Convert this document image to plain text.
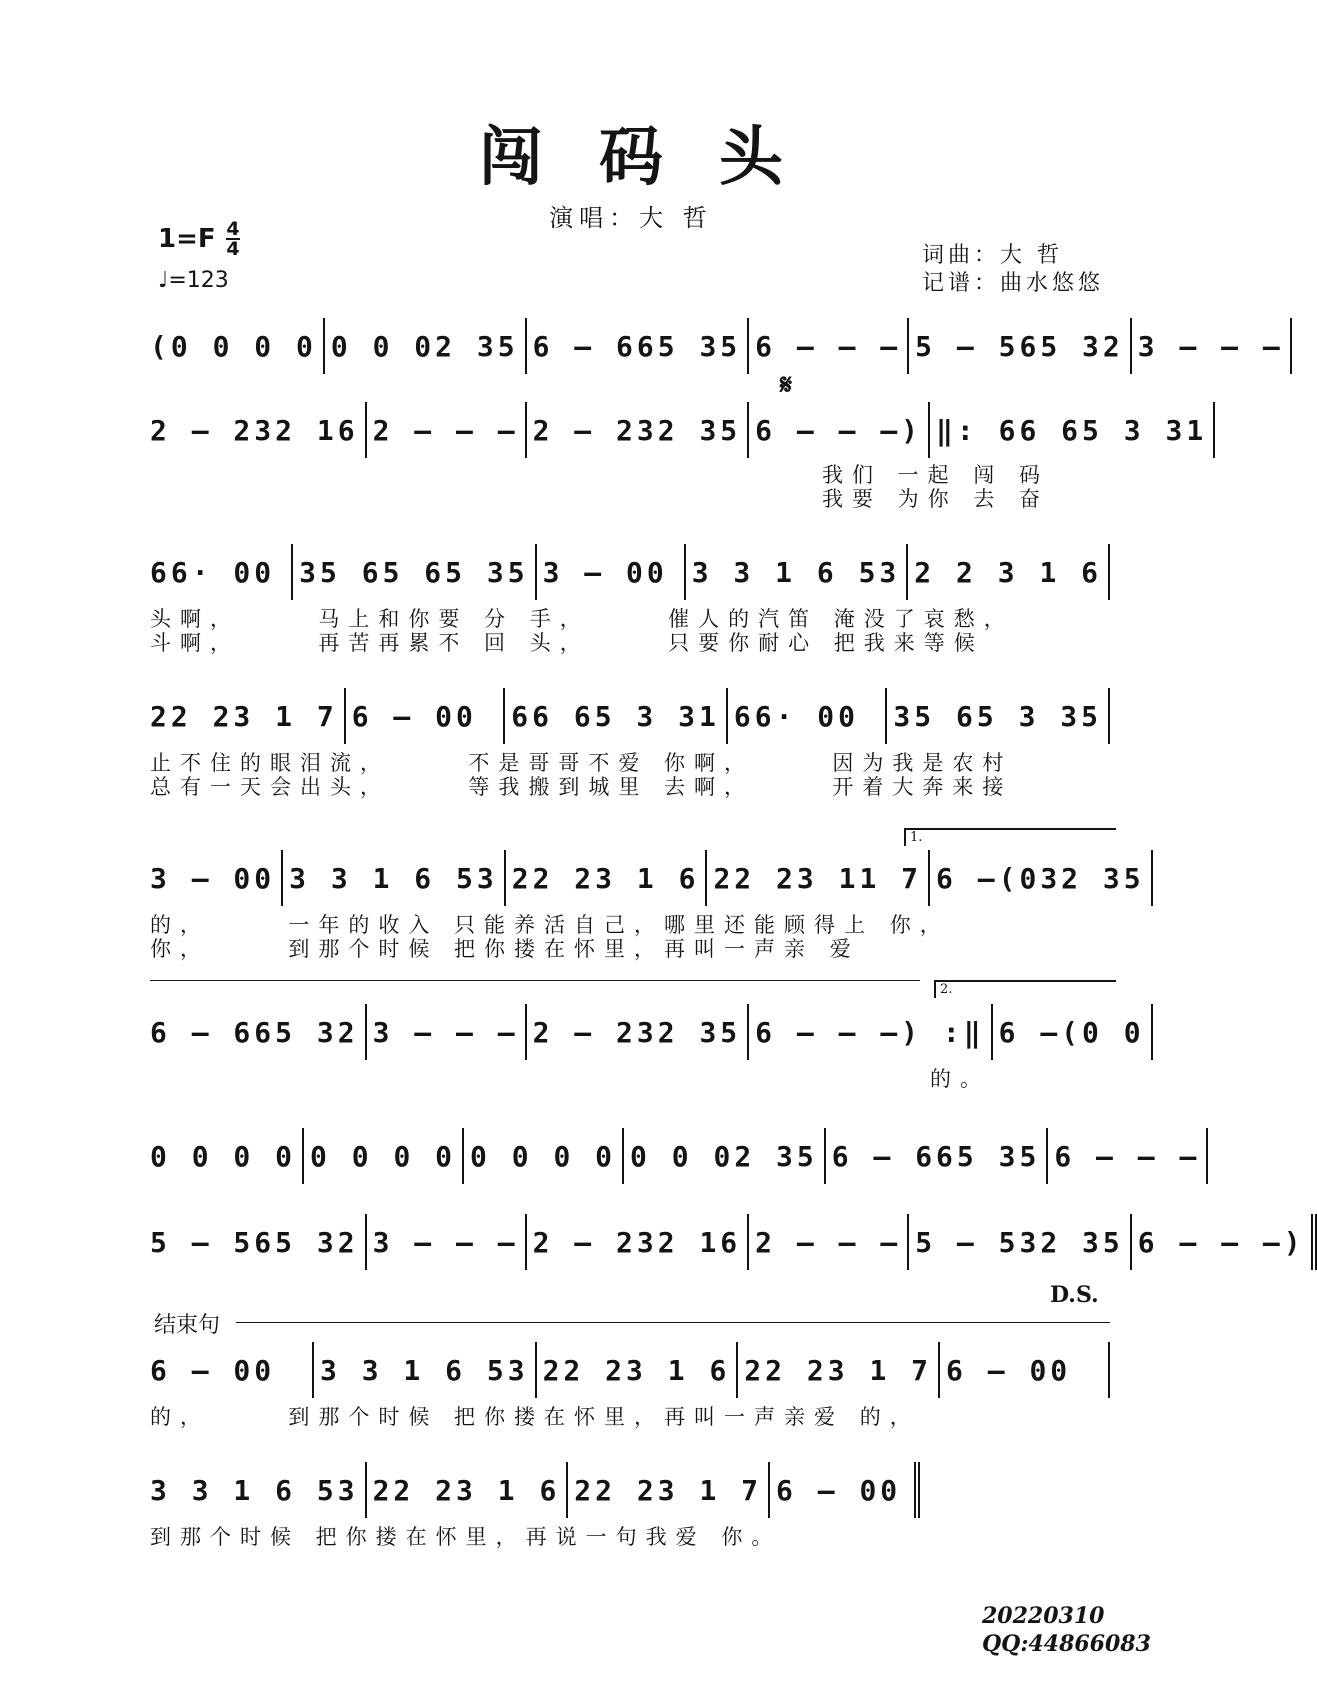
闯码头
演唱：大 哲
1=F 4
4
♩=123
词曲：大 哲
记谱：曲水悠悠
(0 0 0 0 0 0 02 35 6 – 665 35 6 – – – 5 – 565 32 3 – – –
𝄋
2 – 232 16 2 – – – 2 – 232 35 6 – – –) ‖: 66 65 3 31
我们 一起 闯 码
我要 为你 去 奋
66· 00 35 65 65 35 3 – 00 3 3 1 6 53 2 2 3 1 6
头啊，     马上和你要 分 手，     催人的汽笛 淹没了哀愁，
斗啊，     再苦再累不 回 头，     只要你耐心 把我来等候
22 23 1 7 6 – 00	66 65 3 31 66· 00	35 65 3 35
止不住的眼泪流，     不是哥哥不爱 你啊，     因为我是农村
总有一天会出头，     等我搬到城里 去啊，     开着大奔来接
1.
3 – 00 3 3 1 6 53 22 23 1 6 22 23 11 7 6 –(032 35
的，     一年的收入 只能养活自己，哪里还能顾得上 你，
你，     到那个时候 把你搂在怀里，再叫一声亲 爱
2.
6 – 665 32 3 – – – 2 – 232 35 6 – – –) :‖ 6 –(0 0
的。
0 0 0 0 0 0 0 0 0 0 0 0 0 0 02 35 6 – 665 35 6 – – –
5 – 565 32 3 – – – 2 – 232 16 2 – – – 5 – 532 35 6 – – –)
D.S.
结束句
6 – 00	3 3 1 6 53 22 23 1 6 22 23 1 7 6 – 00
的，     到那个时候 把你搂在怀里，再叫一声亲爱 的，
3 3 1 6 53 22 23 1 6 22 23 1 7 6 – 00
到那个时候 把你搂在怀里，再说一句我爱 你。
20220310
QQ:44866083
